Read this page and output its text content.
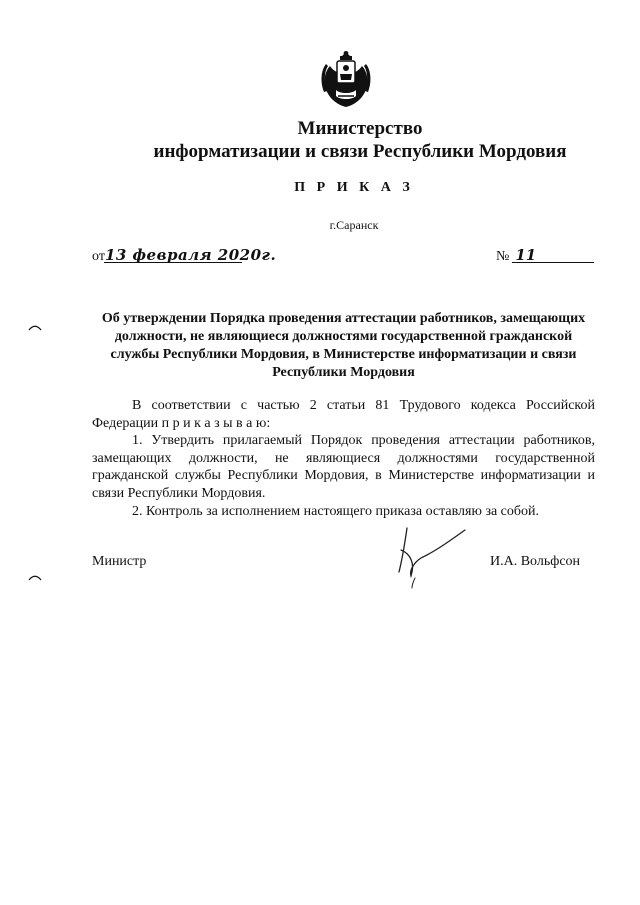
Министерство
информатизации и связи Республики Мордовия
П Р И К А З
г.Саранск
от13 февраля 2020г.	№ 11
Об утверждении Порядка проведения аттестации работников, замещающих должности, не являющиеся должностями государственной гражданской службы Республики Мордовия, в Министерстве информатизации и связи Республики Мордовия

В соответствии с частью 2 статьи 81 Трудового кодекса Российской

Федерации п р и к а з ы в а ю:

1. Утвердить прилагаемый Порядок проведения аттестации работников, замещающих должности, не являющиеся должностями государственной гражданской службы Республики Мордовия, в Министерстве информатизации и связи Республики Мордовия.

2. Контроль за исполнением настоящего приказа оставляю за собой.

Министр	И.А. Вольфсон
